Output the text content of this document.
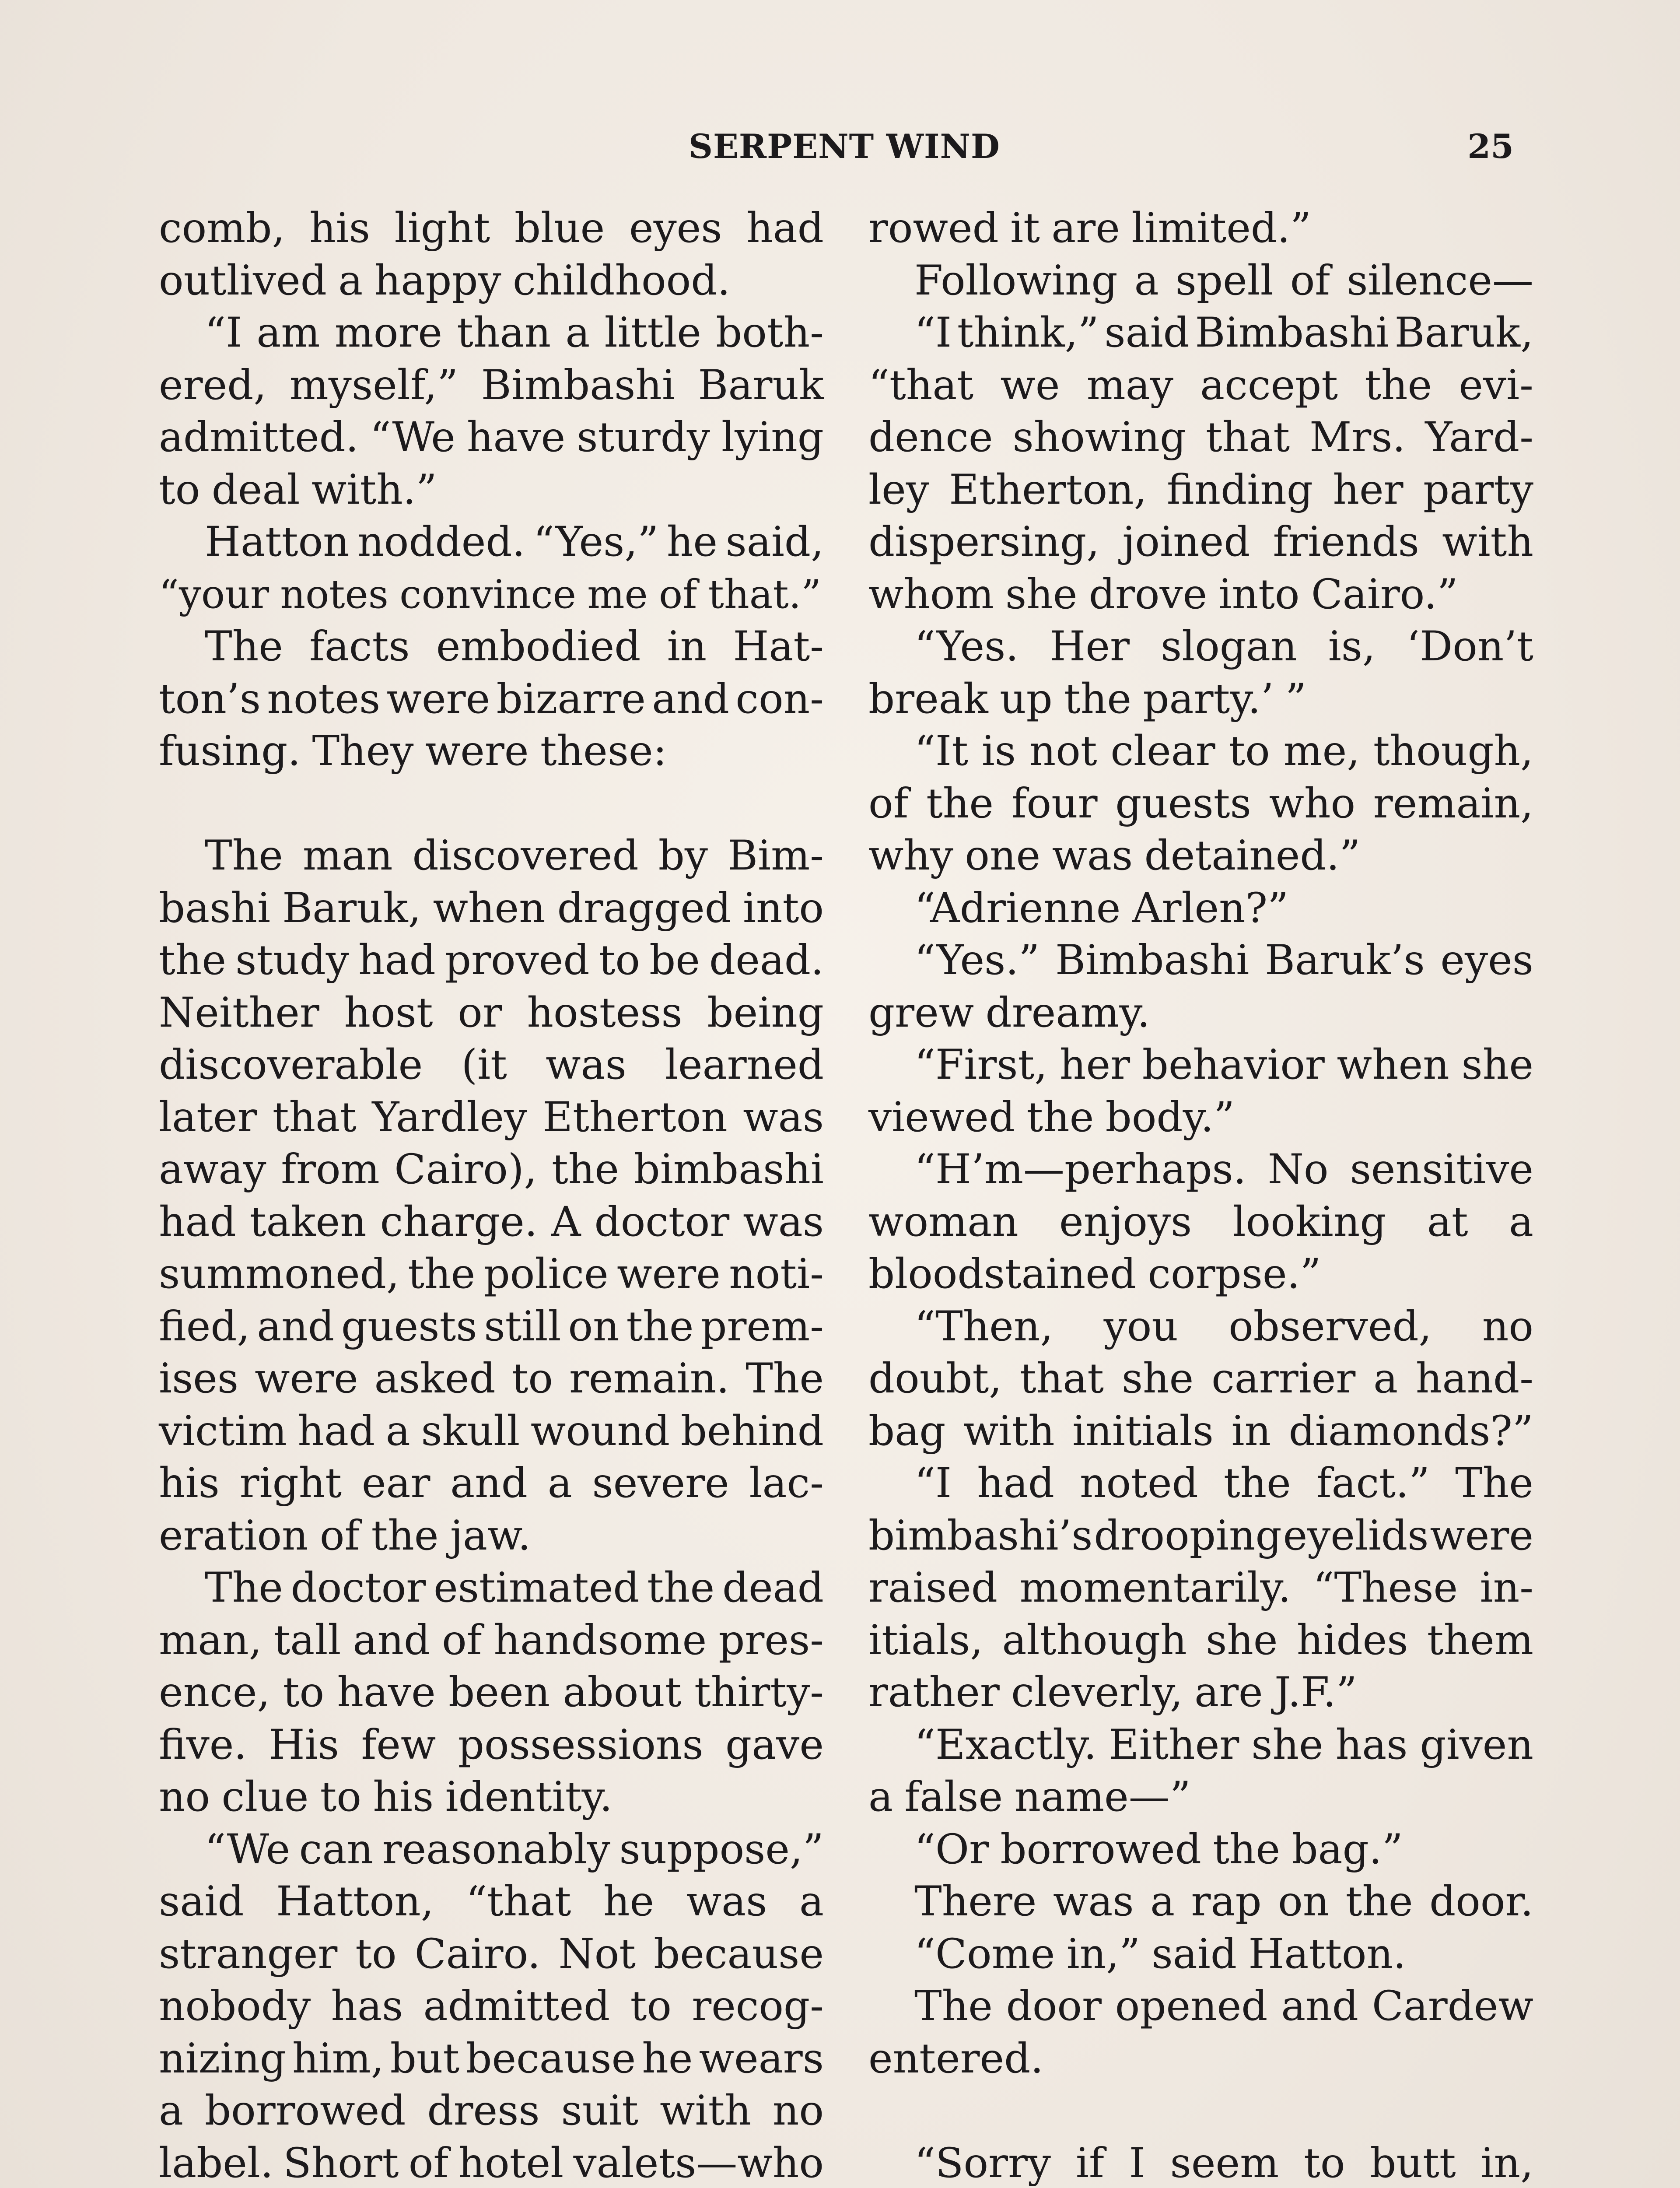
SERPENT WIND	25
comb, his light blue eyes had
outlived a happy childhood.
“I am more than a little both-
ered, myself,” Bimbashi Baruk
admitted. “We have sturdy lying
to deal with.”
Hatton nodded. “Yes,” he said,
“your notes convince me of that.”
The facts embodied in Hat-
ton’s notes were bizarre and con-
fusing. They were these:
The man discovered by Bim-
bashi Baruk, when dragged into
the study had proved to be dead.
Neither host or hostess being
discoverable (it was learned
later that Yardley Etherton was
away from Cairo), the bimbashi
had taken charge. A doctor was
summoned, the police were noti-
fied, and guests still on the prem-
ises were asked to remain. The
victim had a skull wound behind
his right ear and a severe lac-
eration of the jaw.
The doctor estimated the dead
man, tall and of handsome pres-
ence, to have been about thirty-
five. His few possessions gave
no clue to his identity.
“We can reasonably suppose,”
said Hatton, “that he was a
stranger to Cairo. Not because
nobody has admitted to recog-
nizing him, but because he wears
a borrowed dress suit with no
label. Short of hotel valets—who
rowed it are limited.”
Following a spell of silence—
“I think,” said Bimbashi Baruk,
“that we may accept the evi-
dence showing that Mrs. Yard-
ley Etherton, finding her party
dispersing, joined friends with
whom she drove into Cairo.”
“Yes. Her slogan is, ‘Don’t
break up the party.’ ”
“It is not clear to me, though,
of the four guests who remain,
why one was detained.”
“Adrienne Arlen?”
“Yes.” Bimbashi Baruk’s eyes
grew dreamy.
“First, her behavior when she
viewed the body.”
“H’m—perhaps. No sensitive
woman enjoys looking at a
bloodstained corpse.”
“Then, you observed, no
doubt, that she carrier a hand-
bag with initials in diamonds?”
“I had noted the fact.” The
bimbashi’s drooping eyelids were
raised momentarily. “These in-
itials, although she hides them
rather cleverly, are J.F.”
“Exactly. Either she has given
a false name—”
“Or borrowed the bag.”
There was a rap on the door.
“Come in,” said Hatton.
The door opened and Cardew
entered.
“Sorry if I seem to butt in,
